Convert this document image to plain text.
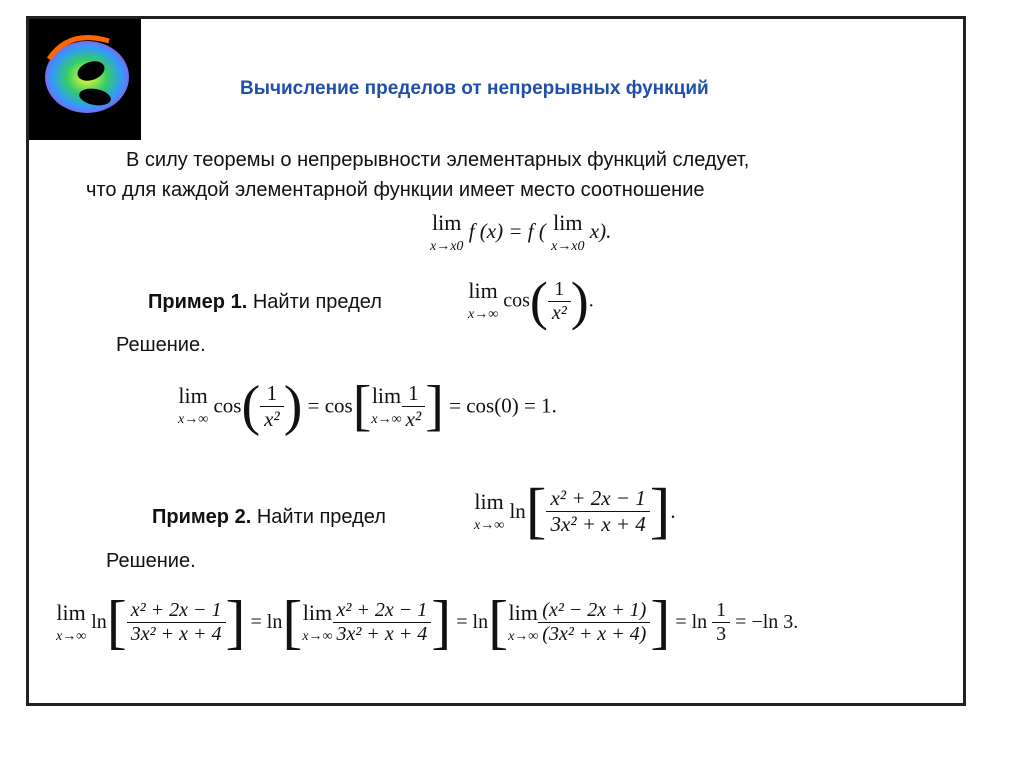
Вычисление пределов от непрерывных функций
В силу теоремы о непрерывности элементарных функций следует,
что для каждой элементарной функции имеет место соотношение
lim
x→x0
f (x) = f ( lim
x→x0
x).
Пример 1. Найти предел	lim
x→∞
$\cos( \frac{1}{\text{x²}}$ ).
Решение.
lim
x→∞
$\cos( \frac{1}{\text{x²}}$ ) = cos[ lim
$x\to\infty \frac{1}{\text{x²}}$ ] = cos(0) = 1.
Пример 2. Найти предел
lim
x→∞
$\ln[ \frac{\text{x² + 2x − 1}}{\text{3x² + x + 4}}$ ].
Решение.
lim
x→∞
$\ln[ \frac{\text{x² + 2x − 1}}{\text{3x² + x + 4}}$ ] = ln[ lim
$x\to\infty \frac{\text{x² + 2x − 1}}{\text{3x² + x + 4}}$ ] = ln[ lim
$x\to\infty \frac{\text{(x² − 2x + 1)}}{\text{(3x² + x + 4)}}$ ] = $\ln \frac{1}{3} = -\ln$ 3.
